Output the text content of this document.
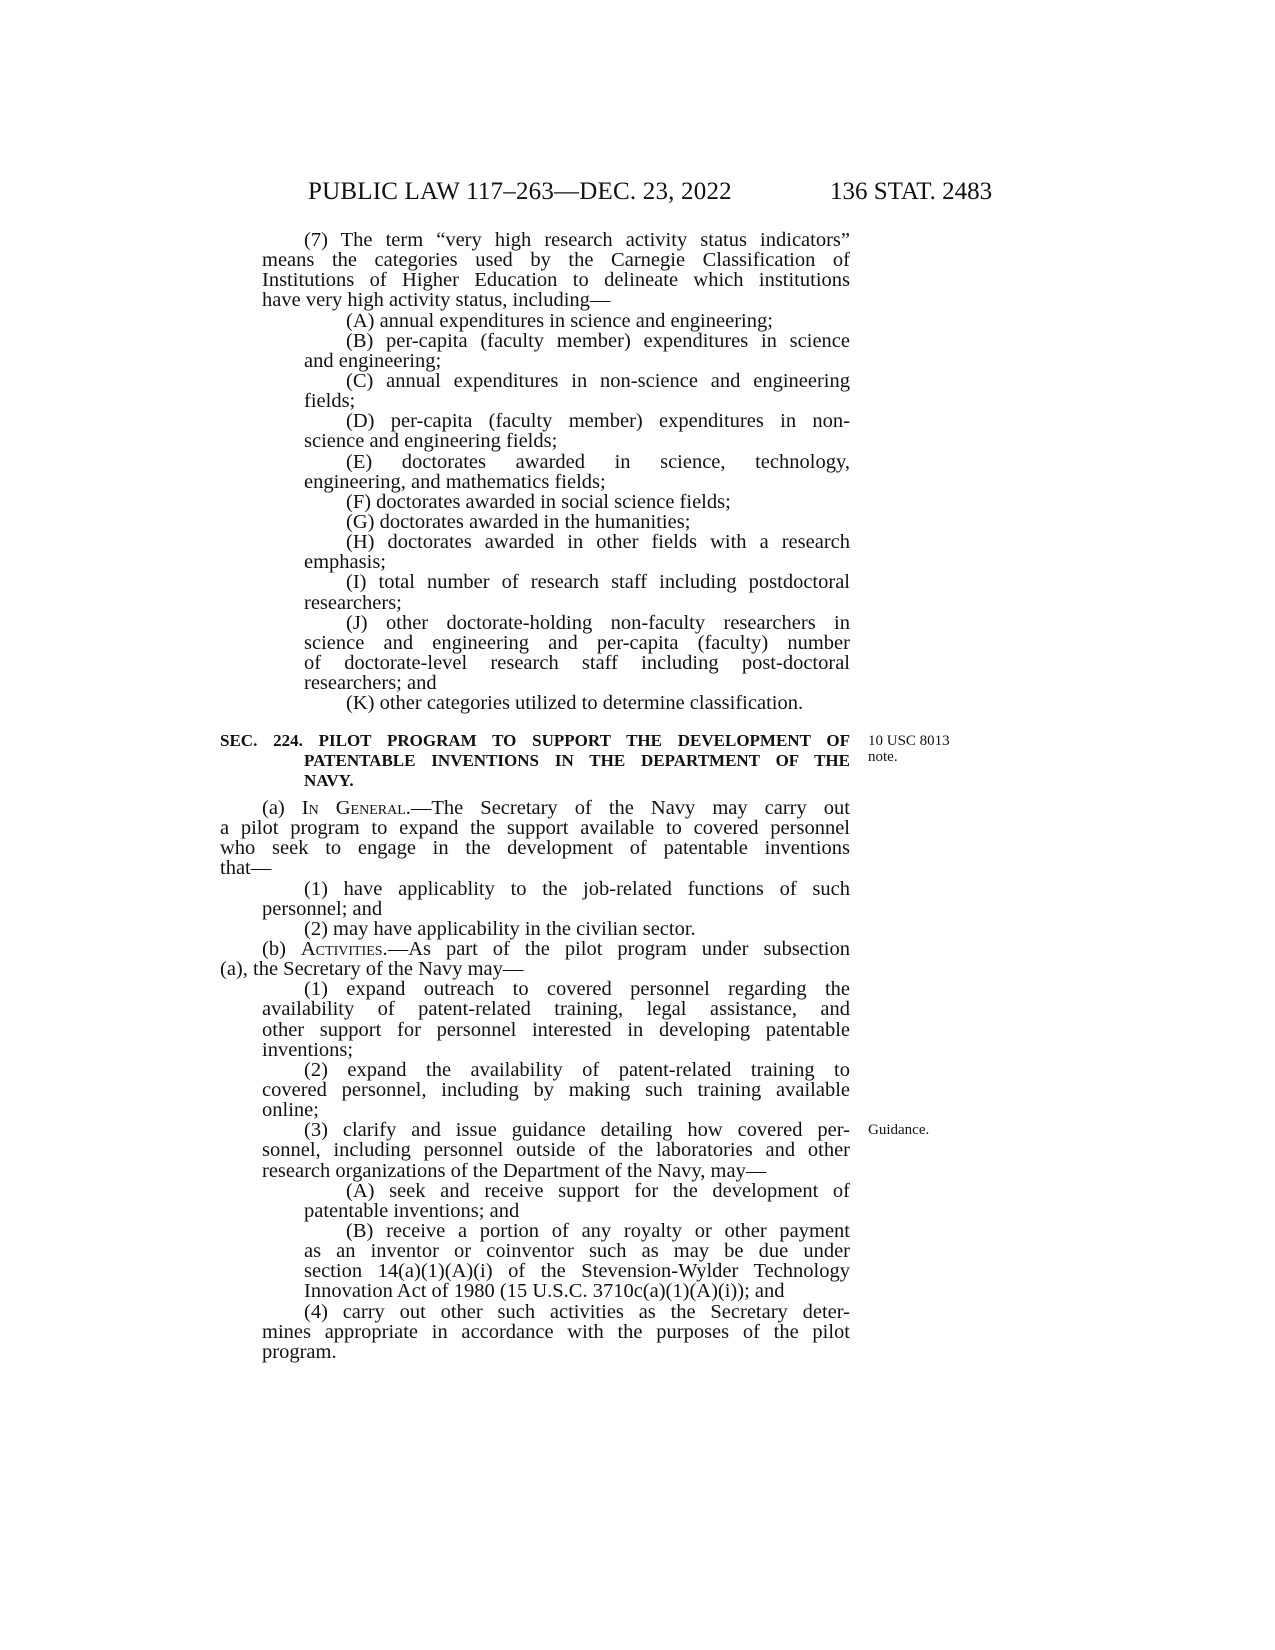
PUBLIC LAW 117–263—DEC. 23, 2022	136 STAT. 2483
(7) The term “very high research activity status indicators”
means the categories used by the Carnegie Classification of
Institutions of Higher Education to delineate which institutions
have very high activity status, including—
(A) annual expenditures in science and engineering;
(B) per-capita (faculty member) expenditures in science
and engineering;
(C) annual expenditures in non-science and engineering
fields;
(D) per-capita (faculty member) expenditures in non-
science and engineering fields;
(E) doctorates awarded in science, technology,
engineering, and mathematics fields;
(F) doctorates awarded in social science fields;
(G) doctorates awarded in the humanities;
(H) doctorates awarded in other fields with a research
emphasis;
(I) total number of research staff including postdoctoral
researchers;
(J) other doctorate-holding non-faculty researchers in
science and engineering and per-capita (faculty) number
of doctorate-level research staff including post-doctoral
researchers; and
(K) other categories utilized to determine classification.
SEC. 224. PILOT PROGRAM TO SUPPORT THE DEVELOPMENT OF
PATENTABLE INVENTIONS IN THE DEPARTMENT OF THE
NAVY.
10 USC 8013
note.
(a) In General.—The Secretary of the Navy may carry out
a pilot program to expand the support available to covered personnel
who seek to engage in the development of patentable inventions
that—
(1) have applicablity to the job-related functions of such
personnel; and
(2) may have applicability in the civilian sector.
(b) Activities.—As part of the pilot program under subsection
(a), the Secretary of the Navy may—
(1) expand outreach to covered personnel regarding the
availability of patent-related training, legal assistance, and
other support for personnel interested in developing patentable
inventions;
(2) expand the availability of patent-related training to
covered personnel, including by making such training available
online;
(3) clarify and issue guidance detailing how covered per-
sonnel, including personnel outside of the laboratories and other
research organizations of the Department of the Navy, may—
(A) seek and receive support for the development of
patentable inventions; and
(B) receive a portion of any royalty or other payment
as an inventor or coinventor such as may be due under
section 14(a)(1)(A)(i) of the Stevension-Wylder Technology
Innovation Act of 1980 (15 U.S.C. 3710c(a)(1)(A)(i)); and
(4) carry out other such activities as the Secretary deter-
mines appropriate in accordance with the purposes of the pilot
program.
Guidance.
